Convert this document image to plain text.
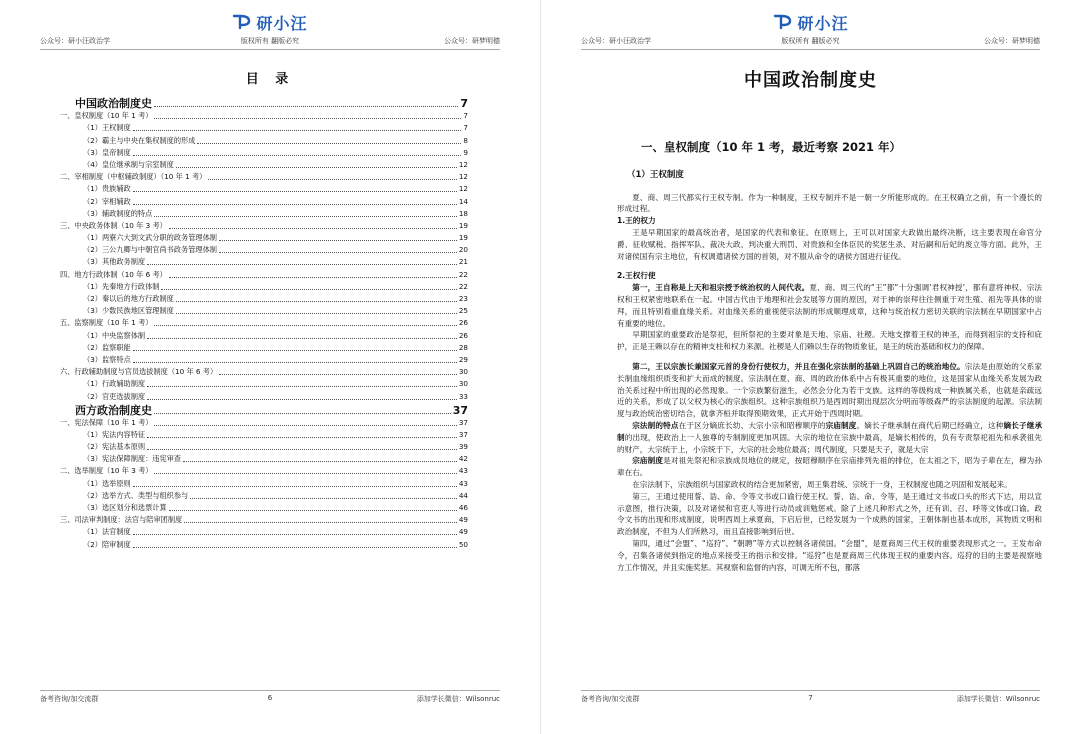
研小汪
公众号：研小汪政治学	版权所有 翻版必究	公众号：研梦明德
目 录
中国政治制度史	7
一、皇权制度（10 年 1 考）	7
（1）王权制度	7
（2）霸主与中央在集权制度的形成	8
（3）皇帝制度	9
（4）皇位继承制与宗室制度	12
二、宰相制度（中枢辅政制度）（10 年 1 考）	12
（1）贵族辅政	12
（2）宰相辅政	14
（3）辅政制度的特点	18
三、中央政务体制（10 年 3 考）	19
（1）两寮六大到文武分职的政务管理体制	19
（2）三公九卿与中朝官尚书政务管理体制	20
（3）其他政务制度	21
四、地方行政体制（10 年 6 考）	22
（1）先秦地方行政体制	22
（2）秦以后的地方行政制度	23
（3）少数民族地区管理制度	25
五、监察制度（10 年 1 考）	26
（1）中央监察体制	26
（2）监察职能	28
（3）监察特点	29
六、行政辅助制度与官员选拔制度（10 年 6 考）	30
（1）行政辅助制度	30
（2）官吏选拔制度	33
西方政治制度史	37
一、宪法保障（10 年 1 考）	37
（1）宪法内容特征	37
（2）宪法基本原则	39
（3）宪法保障制度：违宪审查	42
二、选举制度（10 年 3 考）	43
（1）选举原则	43
（2）选举方式、类型与组织参与	44
（3）选区划分和选票计算	46
三、司法审判制度：法官与陪审团制度	49
（1）法官制度	49
（2）陪审制度	50
备考咨询/加交流群	6	添加学长微信：Wilsonruc
研小汪
公众号：研小汪政治学	版权所有 翻版必究	公众号：研梦明德
中国政治制度史

一、皇权制度（10 年 1 考，最近考察 2021 年）

（1）王权制度

夏、商、周三代都实行王权专制。作为一种制度，王权专制并不是一朝一夕所能形成的。在王权确立之前，有一个漫长的形成过程。

1.王的权力

王是早期国家的最高统治者，是国家的代表和象征。在原则上，王可以对国家大政做出最终决断，这主要表现在命官分爵、征收赋税、指挥军队、裁决大政、判决重大刑罚、对贵族和全体臣民的奖惩生杀、对后嗣和后妃的废立等方面。此外，王对诸侯国有宗主地位，有权调遣诸侯方国的首领，对不服从命令的诸侯方国进行征伐。

2.王权行使

第一，王自称是上天和祖宗授予统治权的人间代表。夏、商、周三代的“王”都“十分强调‘君权神授’，都有意将神权、宗法权和王权紧密地联系在一起。中国古代由于地理和社会发展等方面的原因，对于神的崇拜往往侧重于对生殖、祖先等具体的崇拜，而且特别看重血缘关系。对血缘关系的重视使宗法制的形成顺理成章，这种与统治权力密切关联的宗法制在早期国家中占有重要的地位。

早期国家的重要政治是祭祀，但所祭祀的主要对象是天地、宗庙、社稷。天地支撑着王权的神圣，而得到祖宗的支持和庇护，正是王赖以存在的精神支柱和权力来源。社稷是人们赖以生存的物质象征，是王的统治基础和权力的保障。

第二，王以宗族长兼国家元首的身份行使权力，并且在强化宗法制的基础上巩固自己的统治地位。宗法是由原始的父系家长制血缘组织质变和扩大而成的制度。宗法制在夏、商、周的政治体系中占有极其重要的地位，这是国家从血缘关系发展为政治关系过程中所出现的必然现象。一个宗族繁衍滋生，必然会分化为若干支族。这样的等级构成一种族属关系，也就是亲疏远近的关系，形成了以父权为核心的宗族组织。这种宗族组织乃是西周时期出现层次分明而等级森严的宗法制度的起源。宗法制度与政治统治密切结合，就拿齐桓并取得预期效果，正式开始于西周时期。

宗法制的特点在于区分嫡庶长幼、大宗小宗和昭穆顺序的宗庙制度。嫡长子继承制在商代后期已经确立，这种嫡长子继承制的出现，使政治上一人独尊的专制制度更加巩固。大宗的地位在宗族中最高，是嫡长相传的，负有专责祭祀祖先和承袭祖先的财产，大宗统于上，小宗统于下，大宗的社会地位最高；周代制度，只要是天子，就是大宗

宗庙制度是对祖先祭祀和宗族成员地位的规定，按昭穆顺序在宗庙排列先祖的排位，在太祖之下，昭为子辈在左，穆为孙辈在右。

在宗法制下，宗族组织与国家政权的结合更加紧密，周王集君统、宗统于一身，王权制度也随之巩固和发展起来。

第三，王通过使用誓、诰、命、令等文书或口谕行使王权。誓、诰、命、令等，是王通过文书或口头的形式下达，用以宣示意图，推行决策，以及对诸侯和官吏人等进行动员或训勉惩戒。除了上述几种形式之外，还有训、召、呼等文体或口谕。政令文书的出现和形成制度，说明西周上承夏商，下启后世，已经发展为一个成熟的国家，王朝体制也基本成形，其物质文明和政治制度，不但为人们所熟习，而且直接影响到后世。

第四，通过“会盟”、“巡狩”、“朝聘”等方式以控制各诸侯国。“会盟”，是夏商周三代王权的重要表现形式之一。王发布命令，召集各诸侯到指定的地点来接受王的指示和安排。“巡狩”也是夏商周三代体现王权的重要内容。巡狩的目的主要是视察地方工作情况，并且实施奖惩。其视察和监督的内容，可调无所不包，都落

备考咨询/加交流群	7	添加学长微信：Wilsonruc
